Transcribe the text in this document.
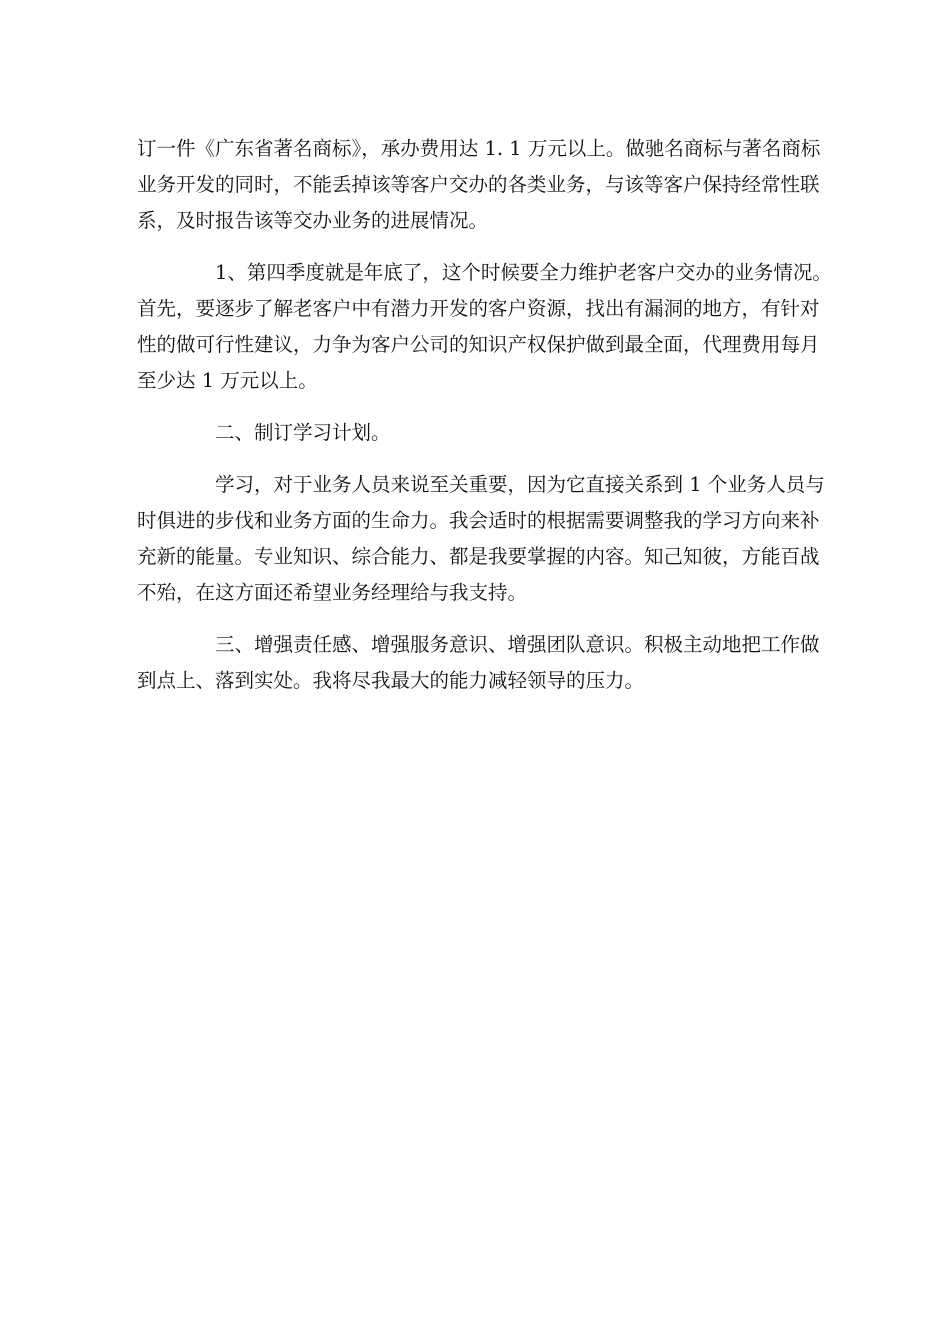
订一件《广东省著名商标》，承办费用达 1. 1 万元以上。做驰名商标与著名商标
业务开发的同时，不能丢掉该等客户交办的各类业务，与该等客户保持经常性联
系，及时报告该等交办业务的进展情况。
1、第四季度就是年底了，这个时候要全力维护老客户交办的业务情况。
首先，要逐步了解老客户中有潜力开发的客户资源，找出有漏洞的地方，有针对
性的做可行性建议，力争为客户公司的知识产权保护做到最全面，代理费用每月
至少达 1 万元以上。
二、制订学习计划。
学习，对于业务人员来说至关重要，因为它直接关系到 1 个业务人员与
时俱进的步伐和业务方面的生命力。我会适时的根据需要调整我的学习方向来补
充新的能量。专业知识、综合能力、都是我要掌握的内容。知己知彼，方能百战
不殆，在这方面还希望业务经理给与我支持。
三、增强责任感、增强服务意识、增强团队意识。积极主动地把工作做
到点上、落到实处。我将尽我最大的能力减轻领导的压力。
